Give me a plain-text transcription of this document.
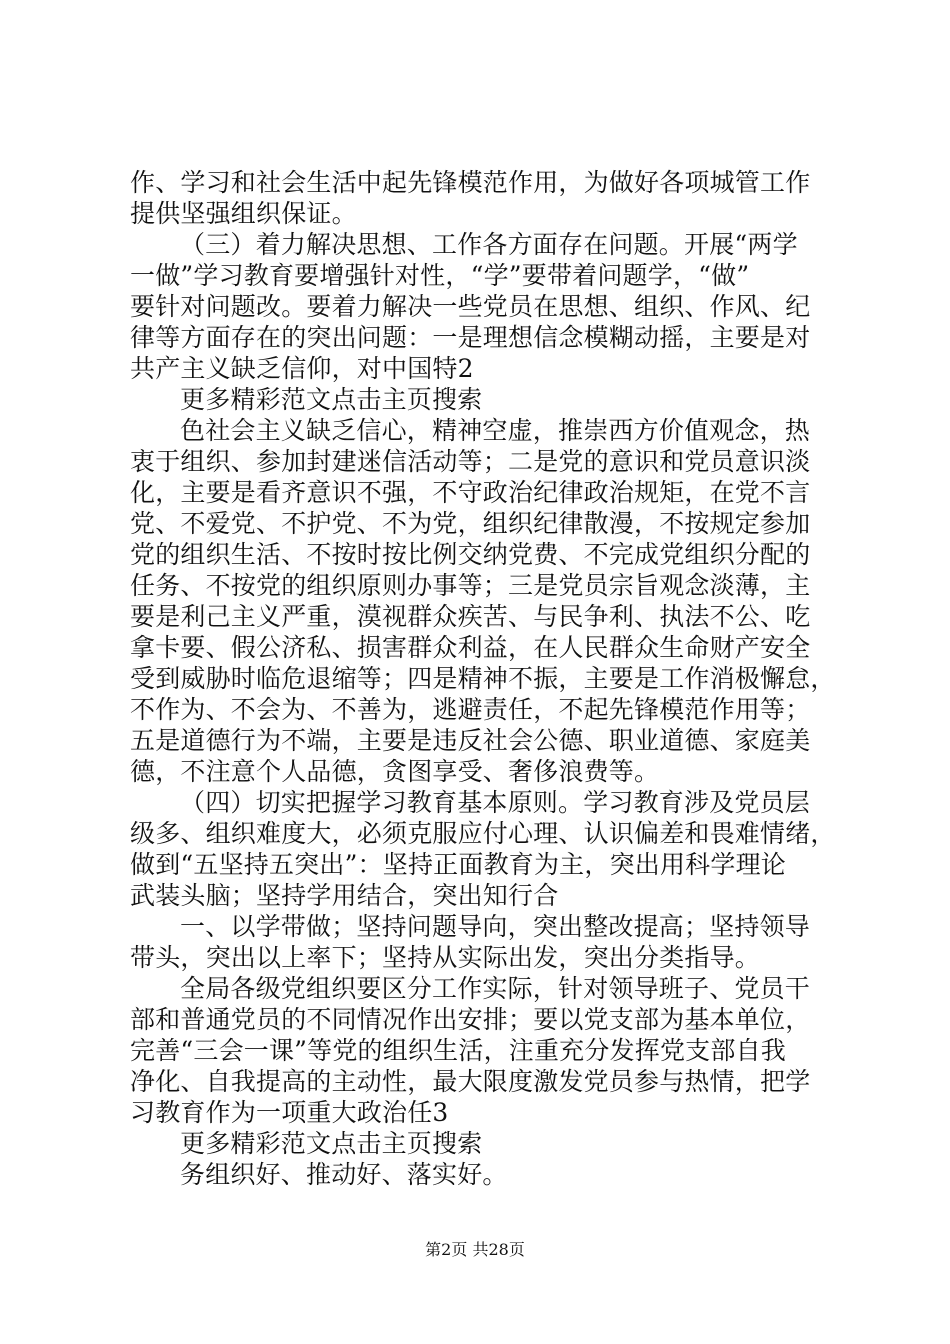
作、学习和社会生活中起先锋模范作用，为做好各项城管工作
提供坚强组织保证。
（三）着力解决思想、工作各方面存在问题。开展“两学
一做”学习教育要增强针对性，“学”要带着问题学，“做”
要针对问题改。要着力解决一些党员在思想、组织、作风、纪
律等方面存在的突出问题：一是理想信念模糊动摇，主要是对
共产主义缺乏信仰，对中国特2
更多精彩范文点击主页搜索
色社会主义缺乏信心，精神空虚，推崇西方价值观念，热
衷于组织、参加封建迷信活动等；二是党的意识和党员意识淡
化，主要是看齐意识不强，不守政治纪律政治规矩，在党不言
党、不爱党、不护党、不为党，组织纪律散漫，不按规定参加
党的组织生活、不按时按比例交纳党费、不完成党组织分配的
任务、不按党的组织原则办事等；三是党员宗旨观念淡薄，主
要是利己主义严重，漠视群众疾苦、与民争利、执法不公、吃
拿卡要、假公济私、损害群众利益，在人民群众生命财产安全
受到威胁时临危退缩等；四是精神不振，主要是工作消极懈怠，
不作为、不会为、不善为，逃避责任，不起先锋模范作用等；
五是道德行为不端，主要是违反社会公德、职业道德、家庭美
德，不注意个人品德，贪图享受、奢侈浪费等。
（四）切实把握学习教育基本原则。学习教育涉及党员层
级多、组织难度大，必须克服应付心理、认识偏差和畏难情绪，
做到“五坚持五突出”：坚持正面教育为主，突出用科学理论
武装头脑；坚持学用结合，突出知行合
一、以学带做；坚持问题导向，突出整改提高；坚持领导
带头，突出以上率下；坚持从实际出发，突出分类指导。
全局各级党组织要区分工作实际，针对领导班子、党员干
部和普通党员的不同情况作出安排；要以党支部为基本单位，
完善“三会一课”等党的组织生活，注重充分发挥党支部自我
净化、自我提高的主动性，最大限度激发党员参与热情，把学
习教育作为一项重大政治任3
更多精彩范文点击主页搜索
务组织好、推动好、落实好。
第2页 共28页
